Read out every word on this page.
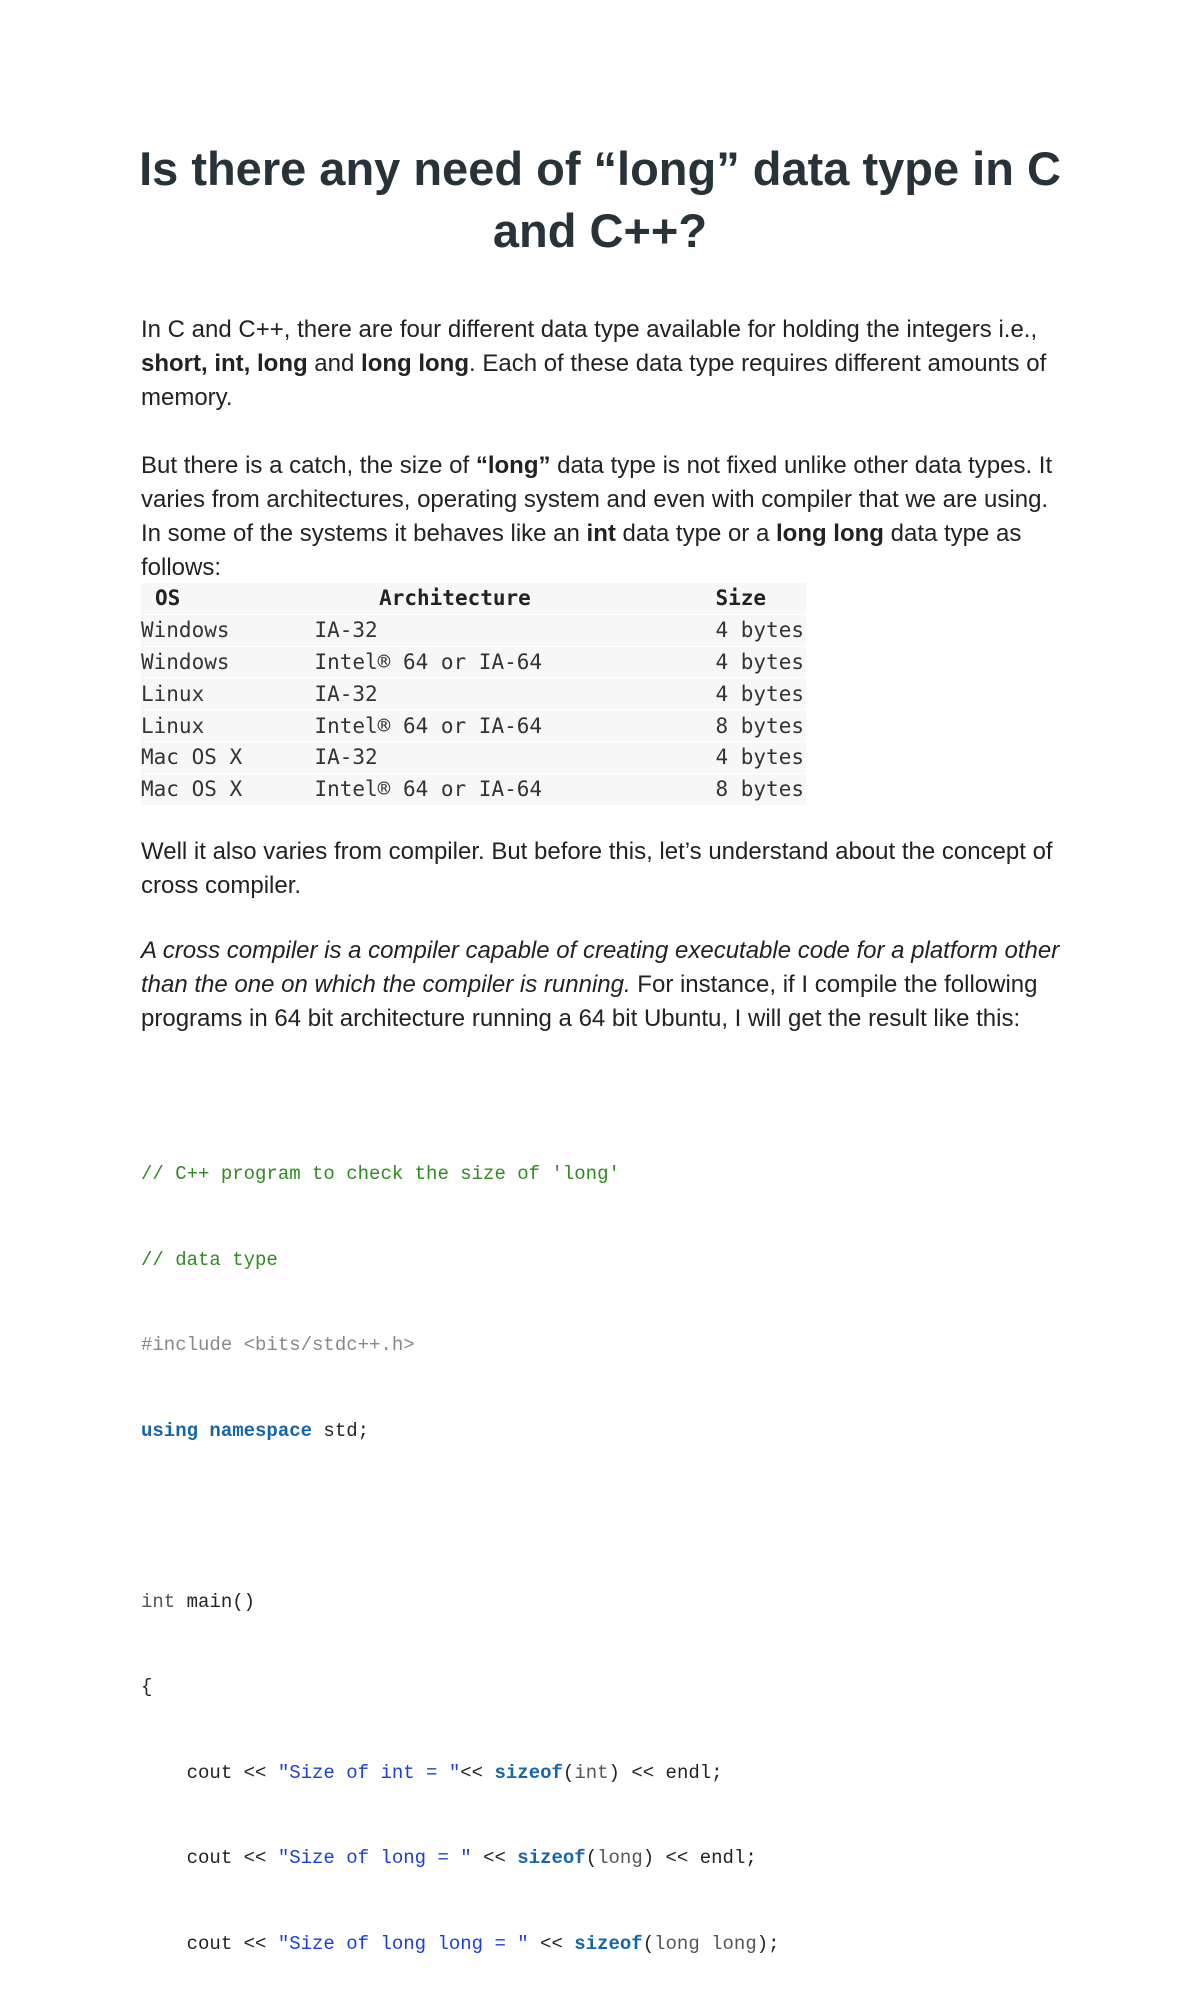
Is there any need of “long” data type in C and C++?

In C and C++, there are four different data type available for holding the integers i.e., short, int, long and long long. Each of these data type requires different amounts of memory.

But there is a catch, the size of “long” data type is not fixed unlike other data types. It varies from architectures, operating system and even with compiler that we are using. In some of the systems it behaves like an int data type or a long long data type as follows:

OS	Architecture	Size
Windows	IA-32	4 bytes
Windows	Intel® 64 or IA-64	4 bytes
Linux	IA-32	4 bytes
Linux	Intel® 64 or IA-64	8 bytes
Mac OS X	IA-32	4 bytes
Mac OS X	Intel® 64 or IA-64	8 bytes

Well it also varies from compiler. But before this, let’s understand about the concept of cross compiler.

A cross compiler is a compiler capable of creating executable code for a platform other than the one on which the compiler is running. For instance, if I compile the following programs in 64 bit architecture running a 64 bit Ubuntu, I will get the result like this:

// C++ program to check the size of 'long'

// data type

#include <bits/stdc++.h>

using namespace std;

int main()

{

cout << "Size of int = "<< sizeof(int) << endl;

cout << "Size of long = " << sizeof(long) << endl;

cout << "Size of long long = " << sizeof(long long);
